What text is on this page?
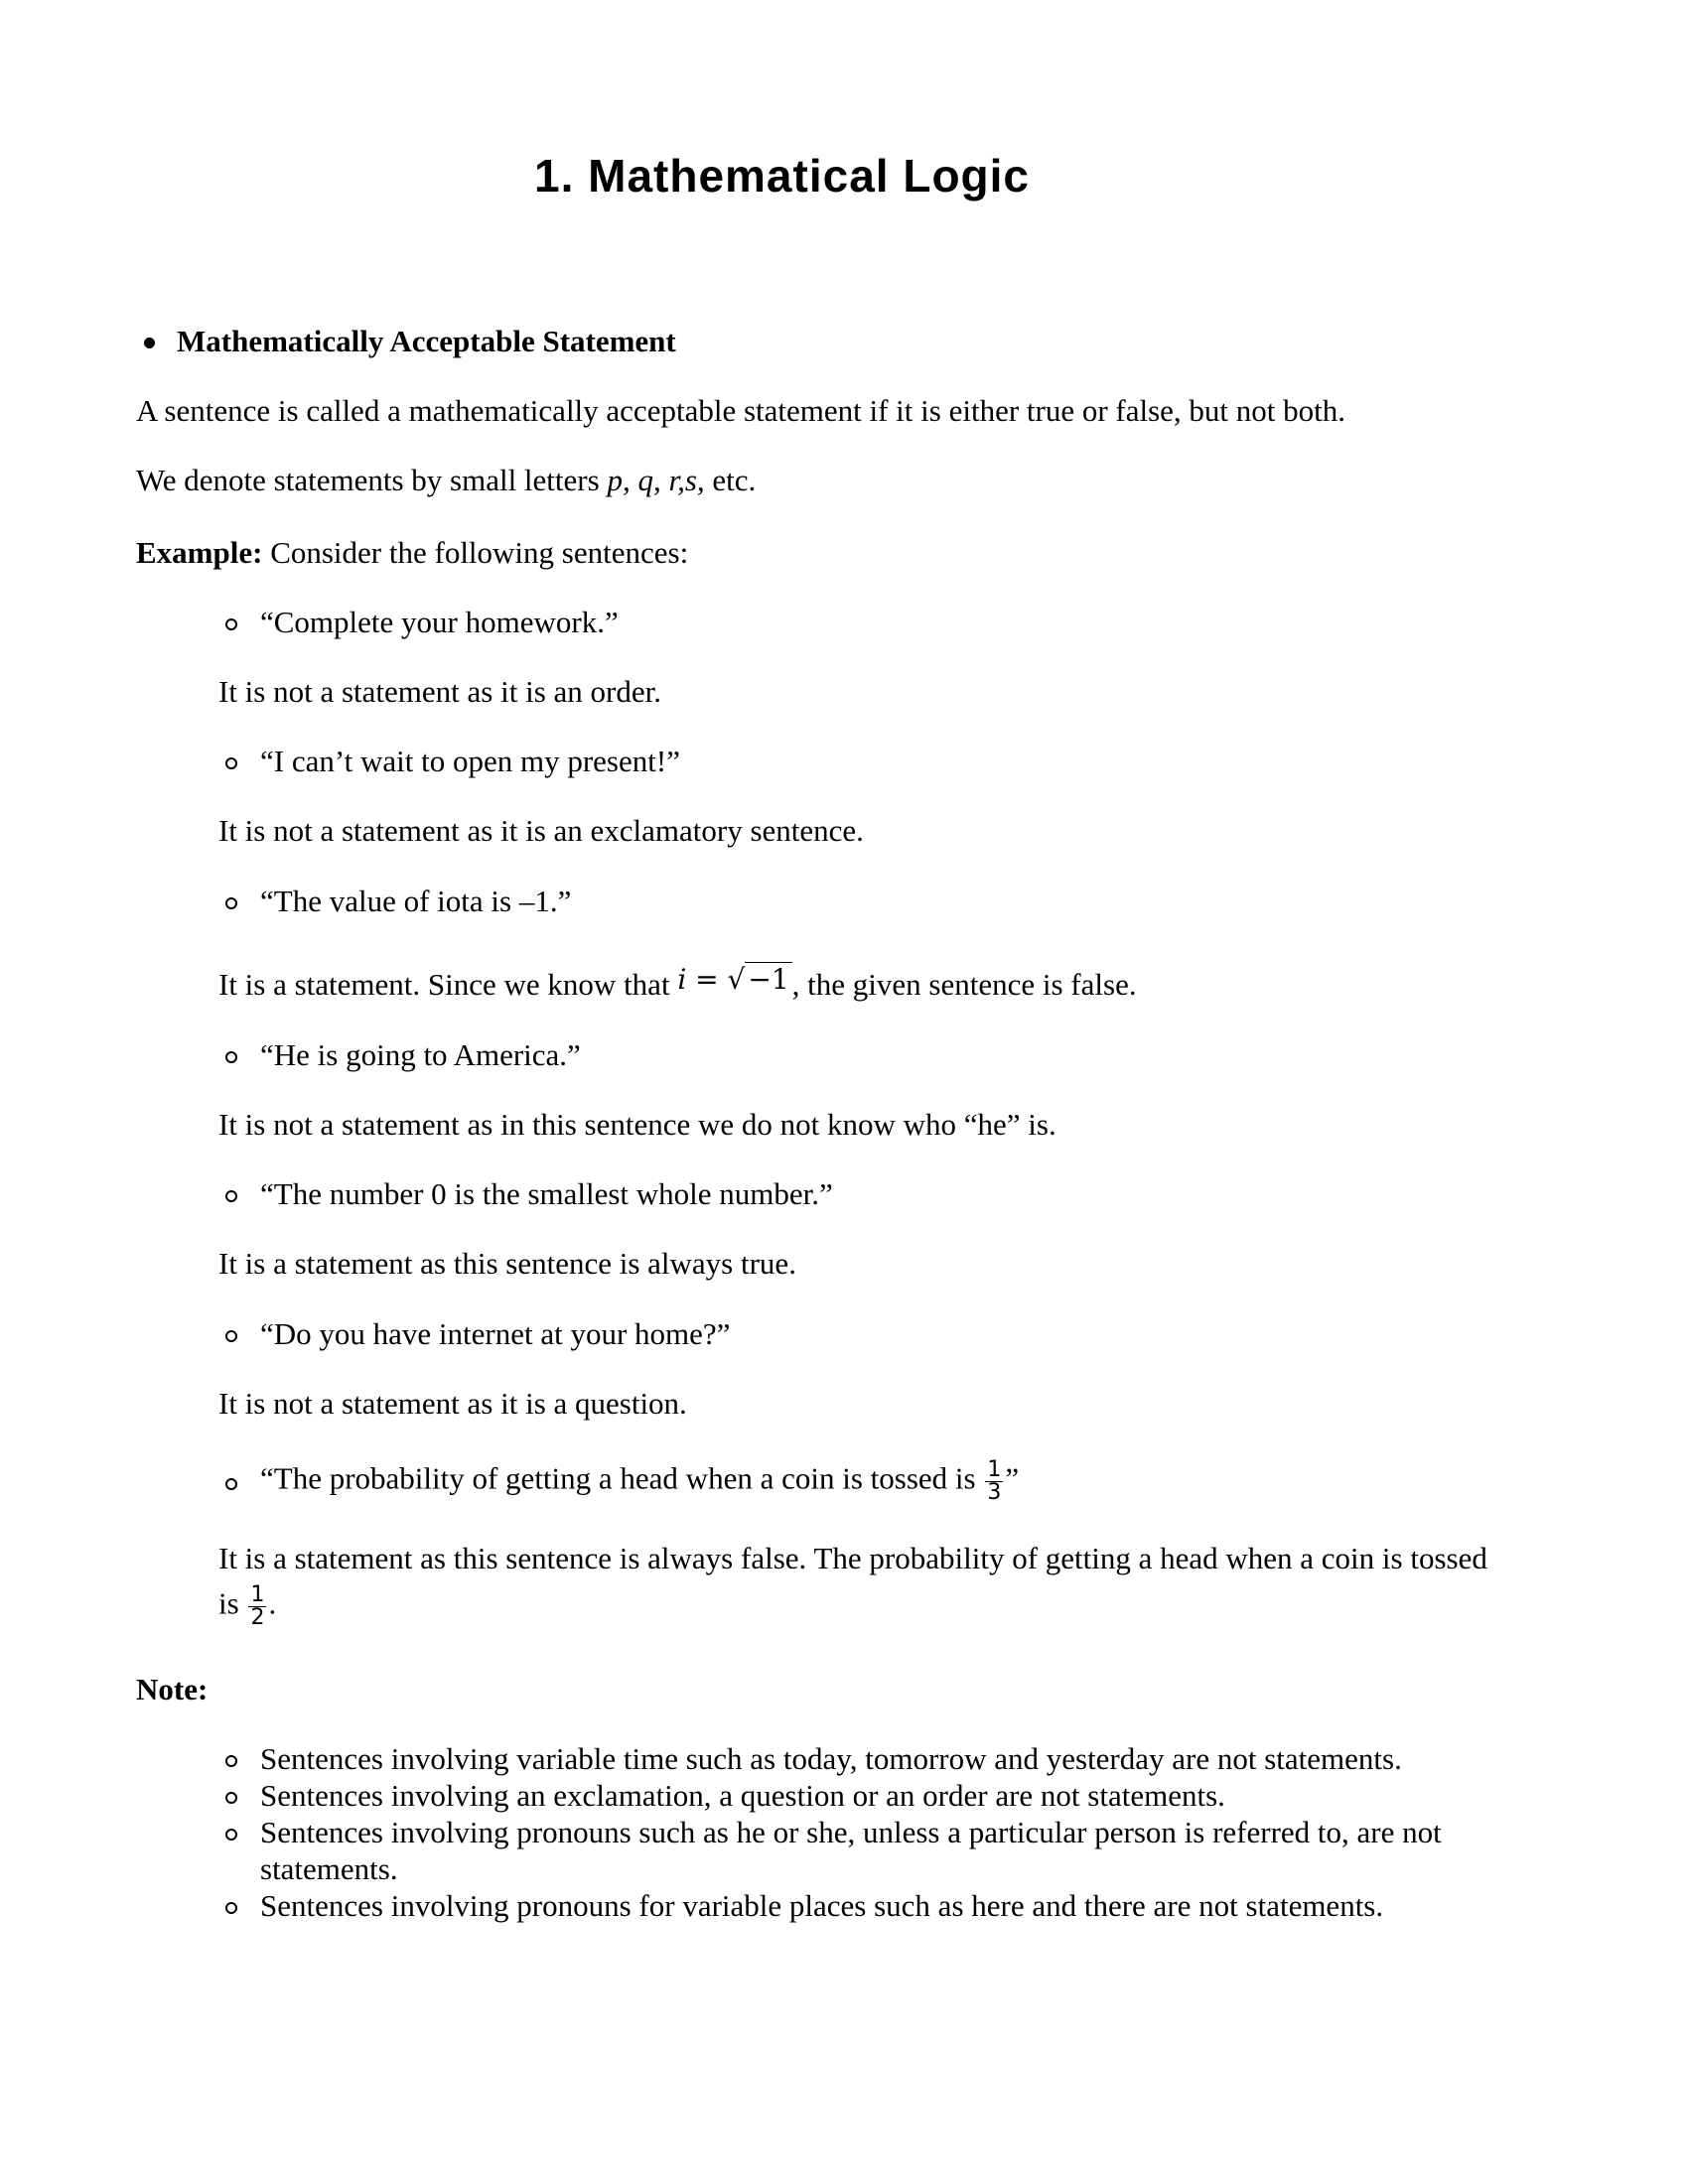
1. Mathematical Logic
Mathematically Acceptable Statement
A sentence is called a mathematically acceptable statement if it is either true or false, but not both.
We denote statements by small letters p, q, r,s, etc.
Example: Consider the following sentences:
“Complete your homework.”
It is not a statement as it is an order.
“I can’t wait to open my present!”
It is not a statement as it is an exclamatory sentence.
“The value of iota is –1.”
It is a statement. Since we know that i = √ −1, the given sentence is false.
“He is going to America.”
It is not a statement as in this sentence we do not know who “he” is.
“The number 0 is the smallest whole number.”
It is a statement as this sentence is always true.
“Do you have internet at your home?”
It is not a statement as it is a question.
“The probability of getting a head when a coin is tossed is $\frac{1}{3}$ ”
It is a statement as this sentence is always false. The probability of getting a head when a coin is tossed
is $\frac{1}{2}$ .
Note:
Sentences involving variable time such as today, tomorrow and yesterday are not statements.
Sentences involving an exclamation, a question or an order are not statements.
Sentences involving pronouns such as he or she, unless a particular person is referred to, are not
statements.
Sentences involving pronouns for variable places such as here and there are not statements.
